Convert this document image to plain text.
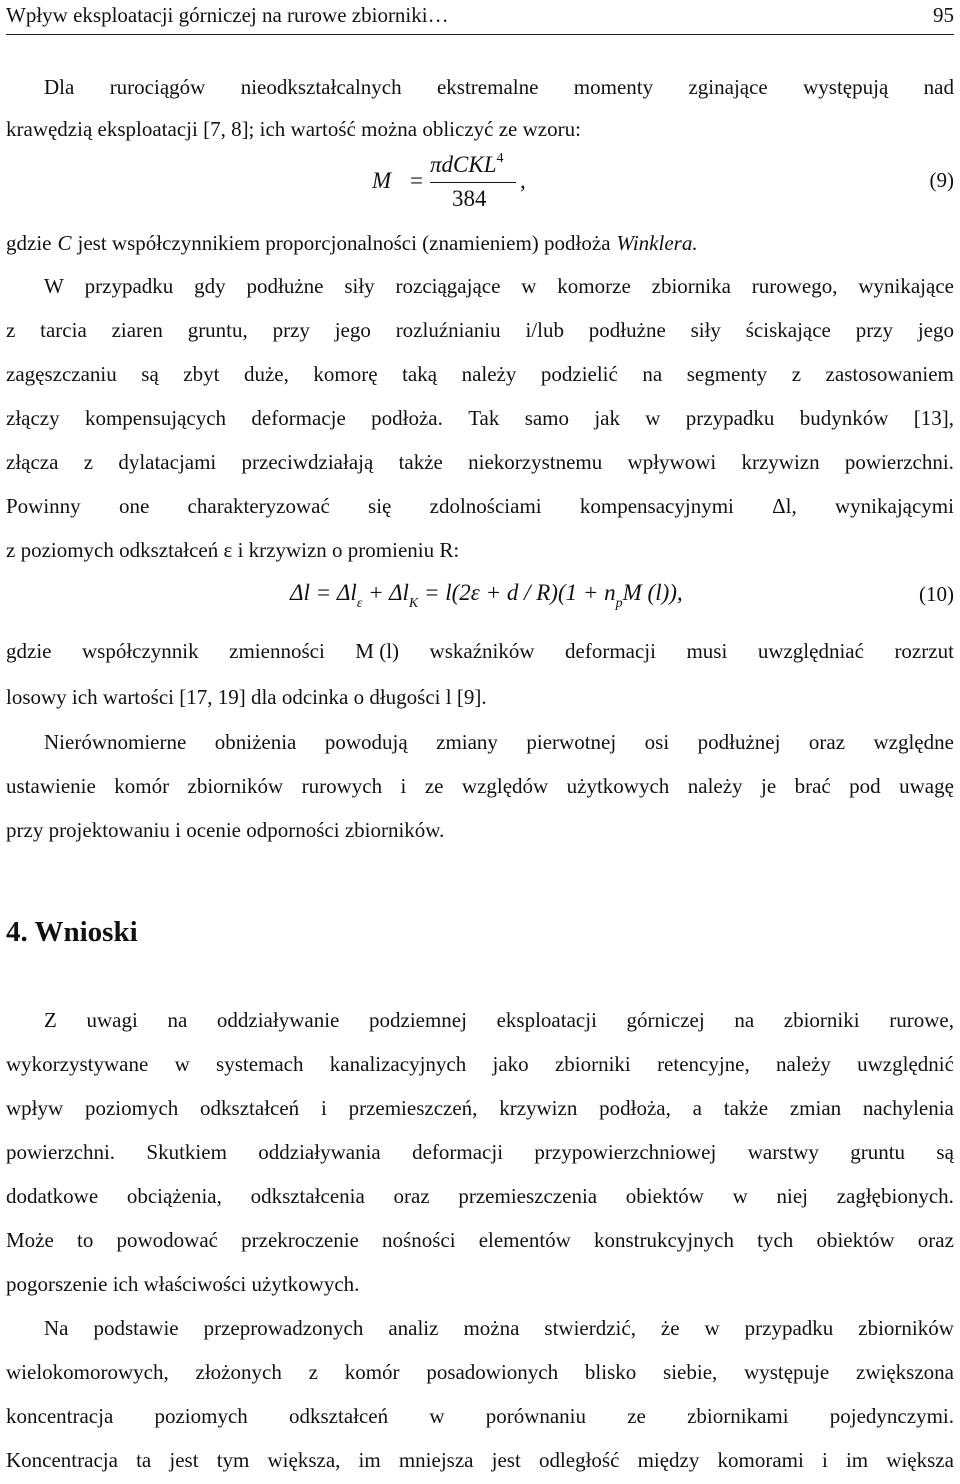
Wpływ eksploatacji górniczej na rurowe zbiorniki…	95
Dla rurociągów nieodkształcalnych ekstremalne momenty zginające występują nad
krawędzią eksploatacji [7, 8]; ich wartość można obliczyć ze wzoru:
M =
πdCKL$^4$
384
,	(9)
gdzie C jest współczynnikiem proporcjonalności (znamieniem) podłoża Winklera.
W przypadku gdy podłużne siły rozciągające w komorze zbiornika rurowego, wynikające
z tarcia ziaren gruntu, przy jego rozluźnianiu i/lub podłużne siły ściskające przy jego
zagęszczaniu są zbyt duże, komorę taką należy podzielić na segmenty z zastosowaniem
złączy kompensujących deformacje podłoża. Tak samo jak w przypadku budynków [13],
złącza z dylatacjami przeciwdziałają także niekorzystnemu wpływowi krzywizn powierzchni.
Powinny one charakteryzować się zdolnościami kompensacyjnymi Δl, wynikającymi
z poziomych odkształceń ε i krzywizn o promieniu R:
$\Delta l = \Delta l_\varepsilon + \Delta l_K = l(2\varepsilon + d / R)(1 + n_pM$ (l)),	(10)
gdzie współczynnik zmienności M (l) wskaźników deformacji musi uwzględniać rozrzut
losowy ich wartości [17, 19] dla odcinka o długości l [9].
Nierównomierne obniżenia powodują zmiany pierwotnej osi podłużnej oraz względne
ustawienie komór zbiorników rurowych i ze względów użytkowych należy je brać pod uwagę
przy projektowaniu i ocenie odporności zbiorników.
4. Wnioski
Z uwagi na oddziaływanie podziemnej eksploatacji górniczej na zbiorniki rurowe,
wykorzystywane w systemach kanalizacyjnych jako zbiorniki retencyjne, należy uwzględnić
wpływ poziomych odkształceń i przemieszczeń, krzywizn podłoża, a także zmian nachylenia
powierzchni. Skutkiem oddziaływania deformacji przypowierzchniowej warstwy gruntu są
dodatkowe obciążenia, odkształcenia oraz przemieszczenia obiektów w niej zagłębionych.
Może to powodować przekroczenie nośności elementów konstrukcyjnych tych obiektów oraz
pogorszenie ich właściwości użytkowych.
Na podstawie przeprowadzonych analiz można stwierdzić, że w przypadku zbiorników
wielokomorowych, złożonych z komór posadowionych blisko siebie, występuje zwiększona
koncentracja poziomych odkształceń w porównaniu ze zbiornikami pojedynczymi.
Koncentracja ta jest tym większa, im mniejsza jest odległość między komorami i im większa
